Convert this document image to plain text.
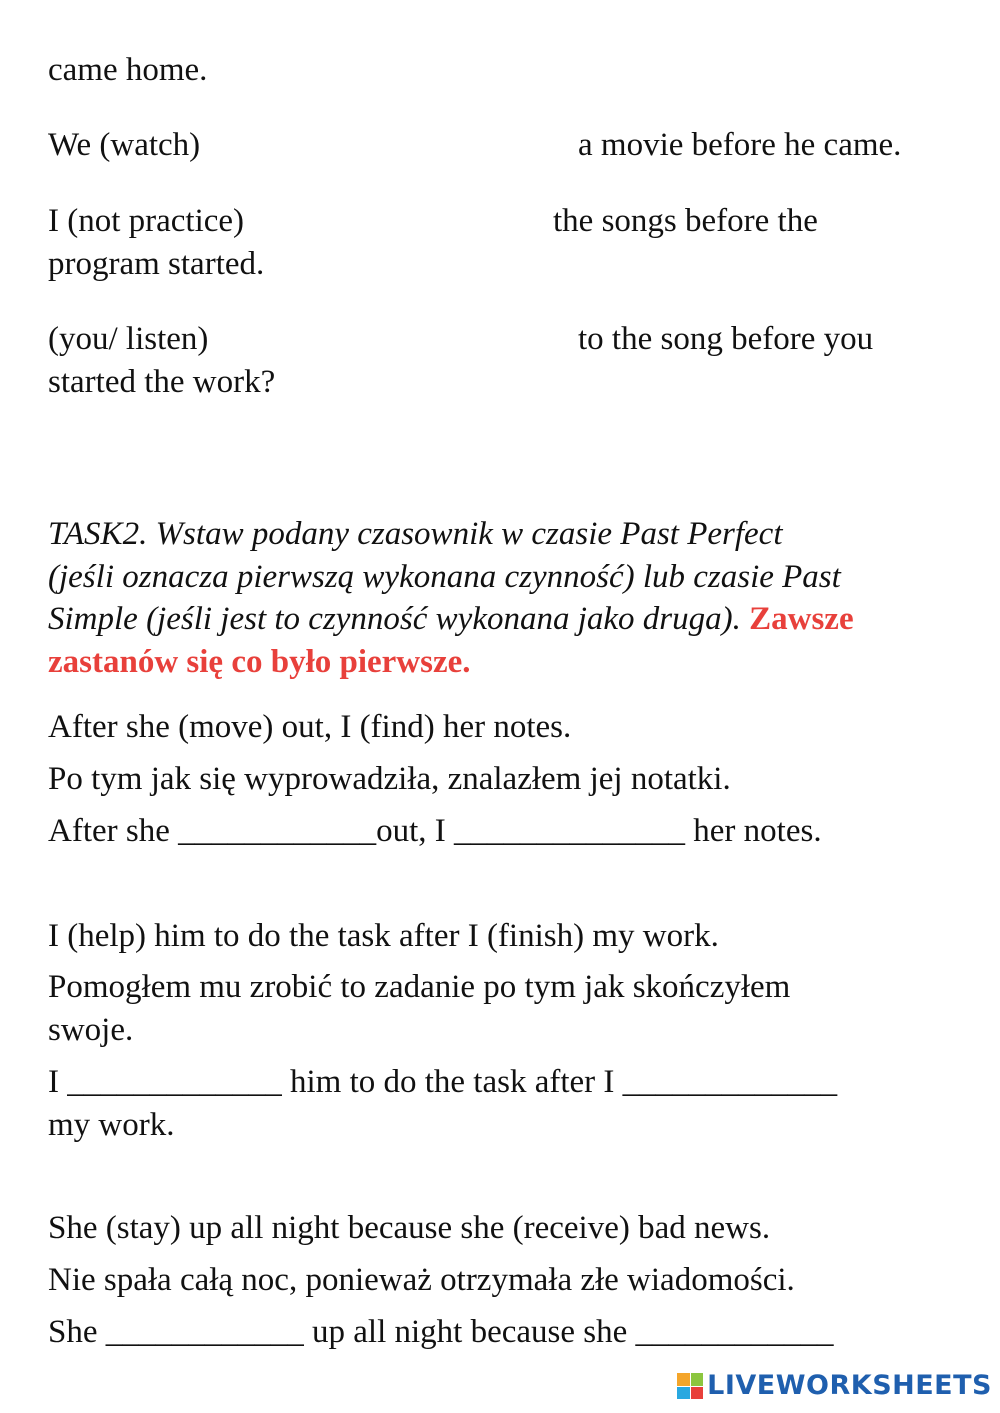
came home.
We (watch)	a movie before he came.
I (not practice)	the songs before the
program started.
(you/ listen)	to the song before you
started the work?
TASK2. Wstaw podany czasownik w czasie Past Perfect
(jeśli oznacza pierwszą wykonana czynność) lub czasie Past
Simple (jeśli jest to czynność wykonana jako druga). Zawsze
zastanów się co było pierwsze.
After she (move) out, I (find) her notes.
Po tym jak się wyprowadziła, znalazłem jej notatki.
After she ____________out, I ______________ her notes.
I (help) him to do the task after I (finish) my work.
Pomogłem mu zrobić to zadanie po tym jak skończyłem
swoje.
I _____________ him to do the task after I _____________
my work.
She (stay) up all night because she (receive) bad news.
Nie spała całą noc, ponieważ otrzymała złe wiadomości.
She ____________ up all night because she ____________
LIVEWORKSHEETS
